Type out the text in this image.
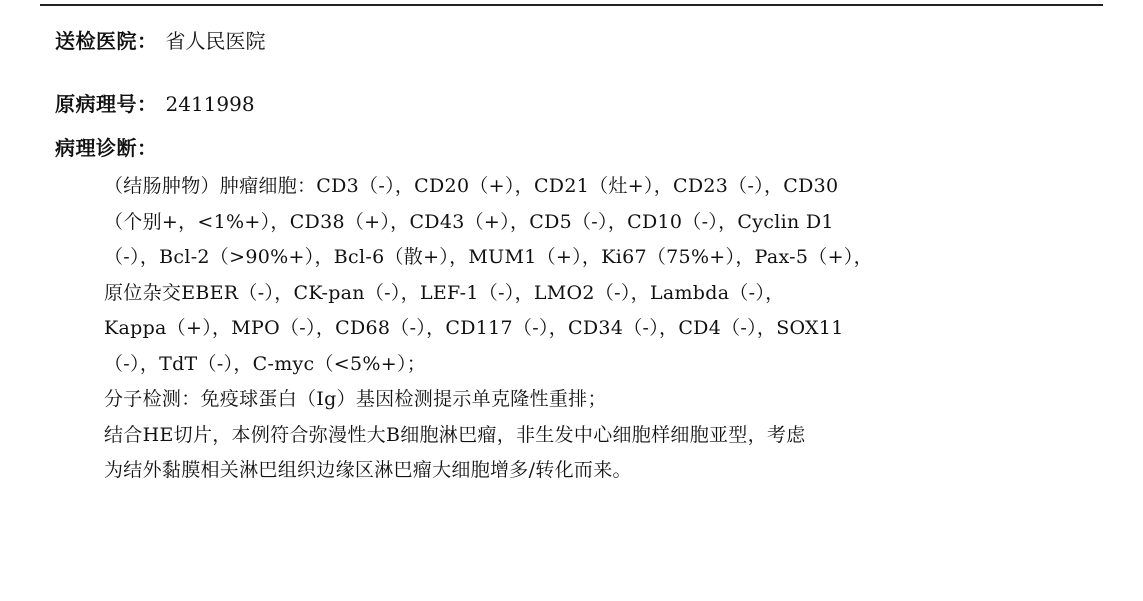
送检医院： 省人民医院
原病理号： 2411998
病理诊断：
（结肠肿物）肿瘤细胞：CD3（-），CD20（+），CD21（灶+），CD23（-），CD30
（个别+，<1%+），CD38（+），CD43（+），CD5（-），CD10（-），Cyclin D1
（-），Bcl-2（>90%+），Bcl-6（散+），MUM1（+），Ki67（75%+），Pax-5（+），
原位杂交EBER（-），CK-pan（-），LEF-1（-），LMO2（-），Lambda（-），
Kappa（+），MPO（-），CD68（-），CD117（-），CD34（-），CD4（-），SOX11
（-），TdT（-），C-myc（<5%+）；
分子检测：免疫球蛋白（Ig）基因检测提示单克隆性重排；
结合HE切片，本例符合弥漫性大B细胞淋巴瘤，非生发中心细胞样细胞亚型，考虑
为结外黏膜相关淋巴组织边缘区淋巴瘤大细胞增多/转化而来。
